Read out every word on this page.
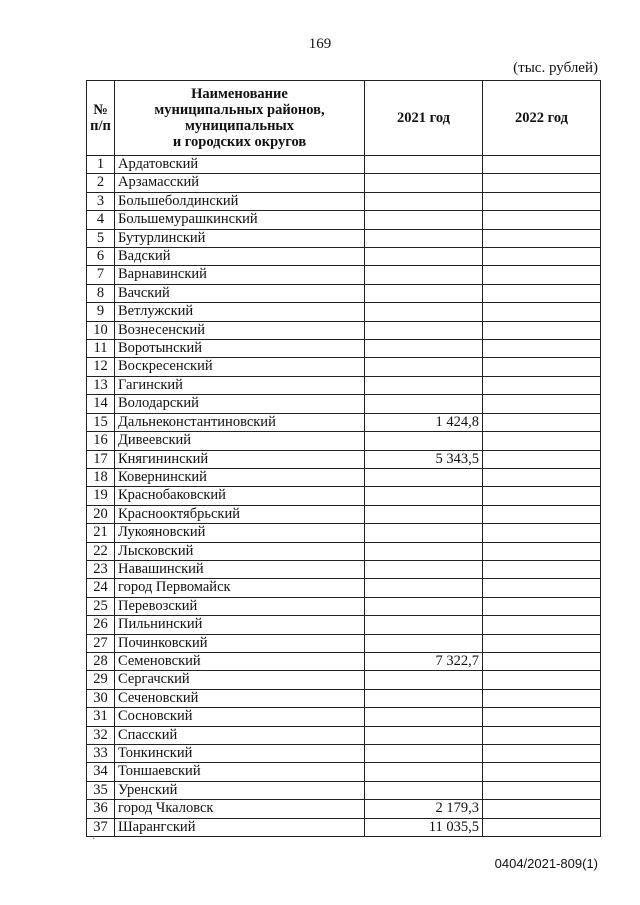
169
(тыс. рублей)
№
п/п	Наименование
муниципальных районов,
муниципальных
и городских округов	2021 год	2022 год
1	Ардатовский		
2	Арзамасский		
3	Большеболдинский		
4	Большемурашкинский		
5	Бутурлинский		
6	Вадский		
7	Варнавинский		
8	Вачский		
9	Ветлужский		
10	Вознесенский		
11	Воротынский		
12	Воскресенский		
13	Гагинский		
14	Володарский		
15	Дальнеконстантиновский	1 424,8	
16	Дивеевский		
17	Княгининский	5 343,5	
18	Ковернинский		
19	Краснобаковский		
20	Краснооктябрьский		
21	Лукояновский		
22	Лысковский		
23	Навашинский		
24	город Первомайск		
25	Перевозский		
26	Пильнинский		
27	Починковский		
28	Семеновский	7 322,7	
29	Сергачский		
30	Сеченовский		
31	Сосновский		
32	Спасский		
33	Тонкинский		
34	Тоншаевский		
35	Уренский		
36	город Чкаловск	2 179,3	
37	Шарангский	11 035,5	
·
0404/2021-809(1)
